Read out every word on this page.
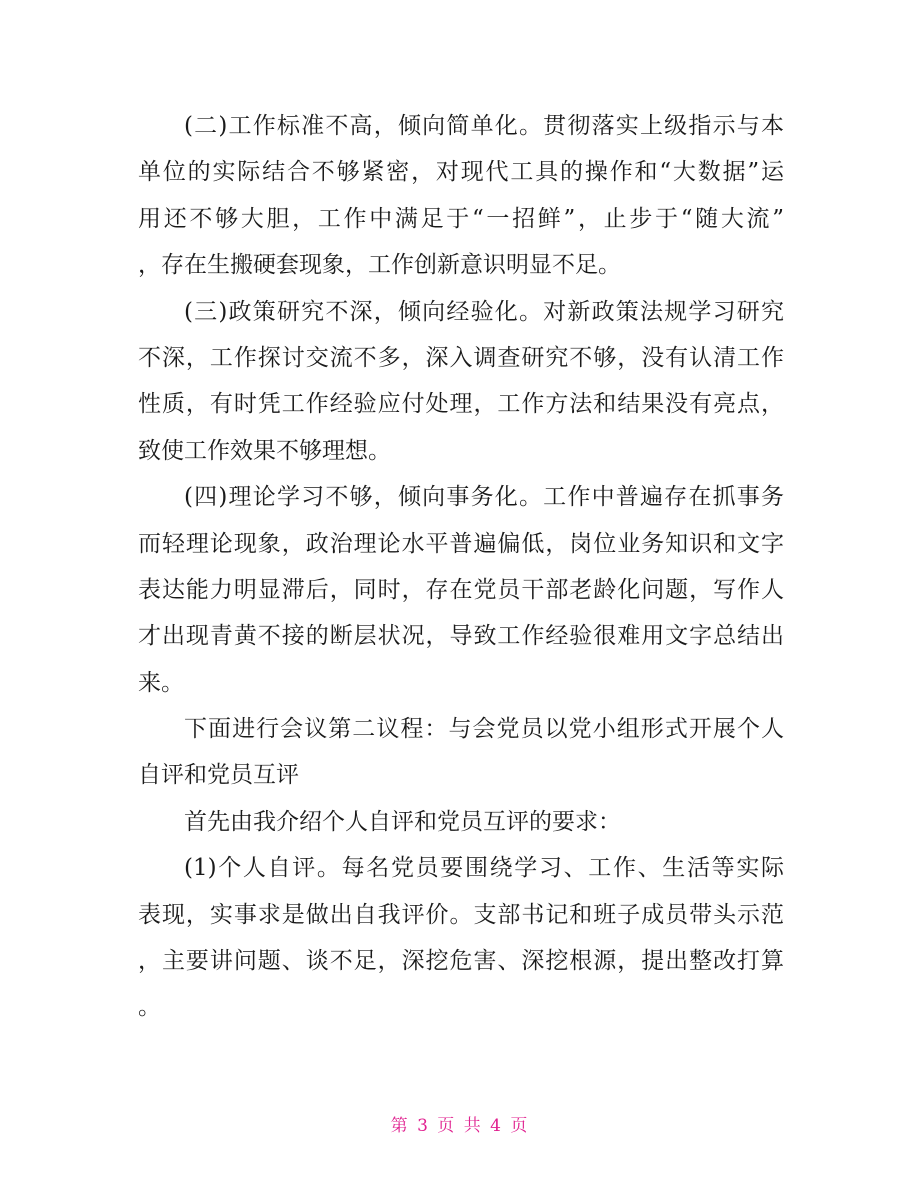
(二)工作标准不高，倾向简单化。贯彻落实上级指示与本
单位的实际结合不够紧密，对现代工具的操作和“大数据”运
用还不够大胆，工作中满足于“一招鲜”，止步于“随大流”
，存在生搬硬套现象，工作创新意识明显不足。
(三)政策研究不深，倾向经验化。对新政策法规学习研究
不深，工作探讨交流不多，深入调查研究不够，没有认清工作
性质，有时凭工作经验应付处理，工作方法和结果没有亮点，
致使工作效果不够理想。
(四)理论学习不够，倾向事务化。工作中普遍存在抓事务
而轻理论现象，政治理论水平普遍偏低，岗位业务知识和文字
表达能力明显滞后，同时，存在党员干部老龄化问题，写作人
才出现青黄不接的断层状况，导致工作经验很难用文字总结出
来。
下面进行会议第二议程：与会党员以党小组形式开展个人
自评和党员互评
首先由我介绍个人自评和党员互评的要求：
(1)个人自评。每名党员要围绕学习、工作、生活等实际
表现，实事求是做出自我评价。支部书记和班子成员带头示范
，主要讲问题、谈不足，深挖危害、深挖根源，提出整改打算
。
第 3 页 共 4 页
